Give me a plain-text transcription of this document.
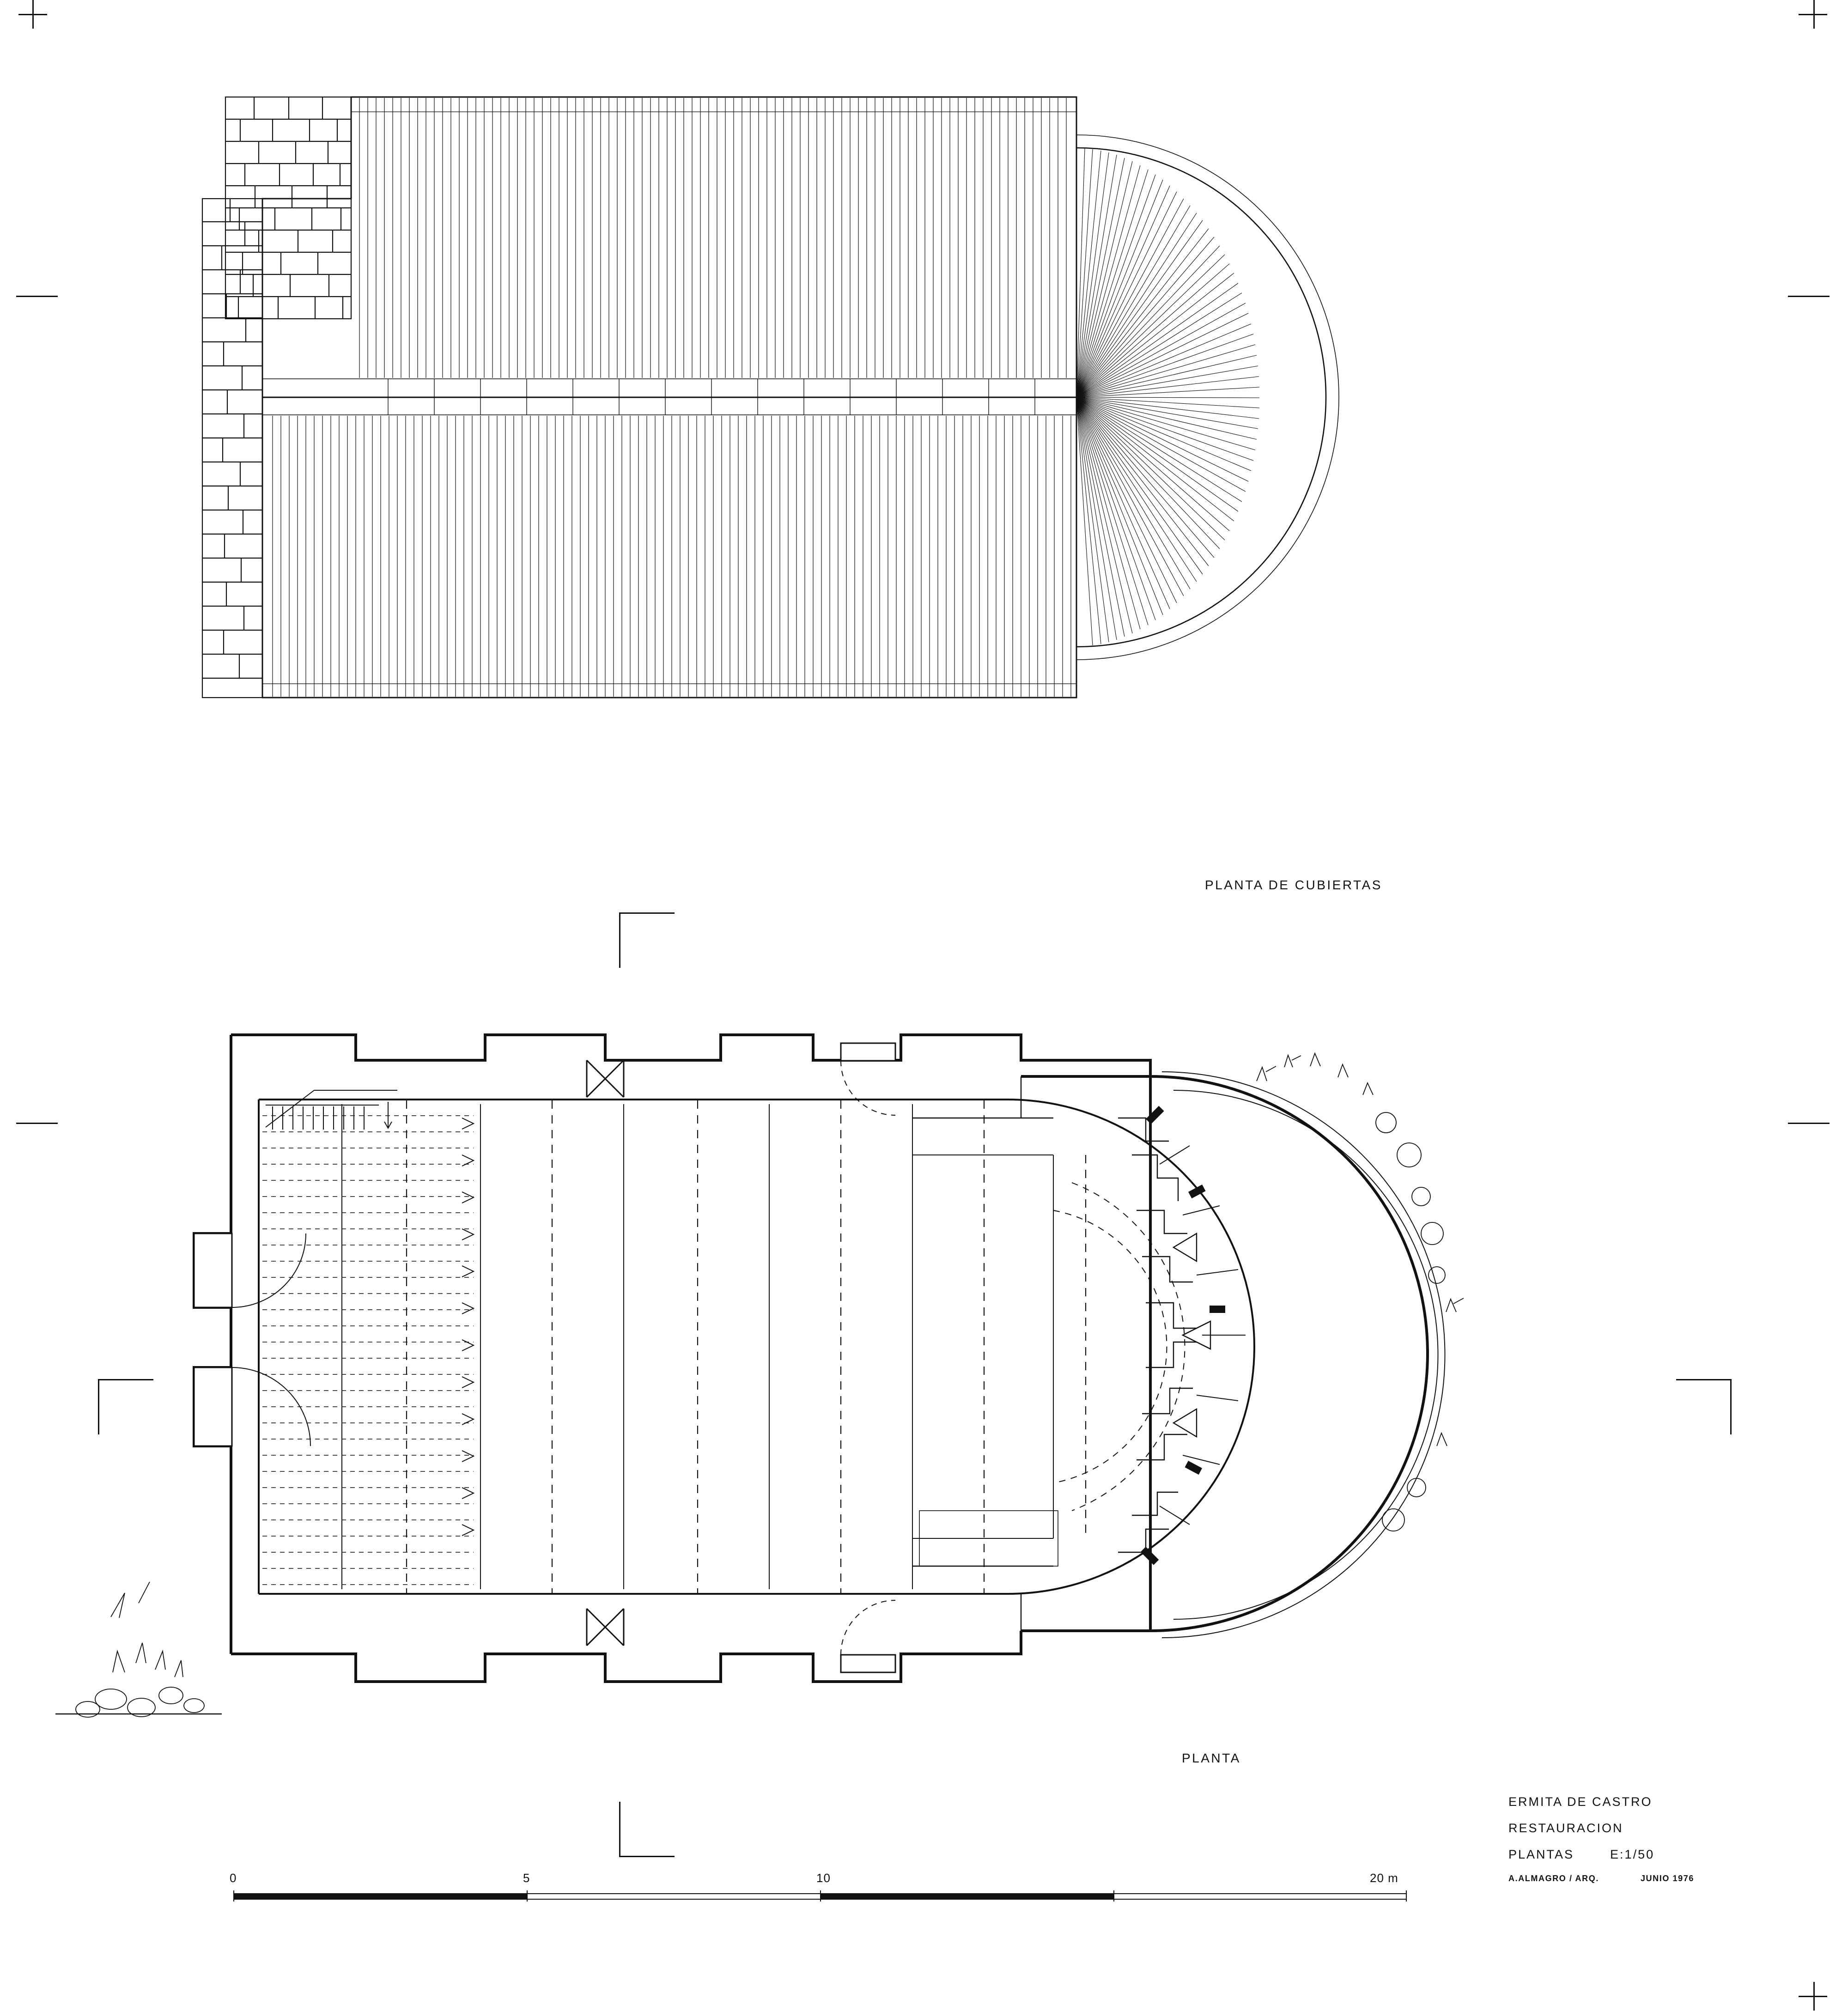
PLANTA DE CUBIERTAS
PLANTA
0	5	10	20 m
ERMITA DE CASTRO
RESTAURACION
PLANTAS	E:1/50
A.ALMAGRO / ARQ.	JUNIO 1976
